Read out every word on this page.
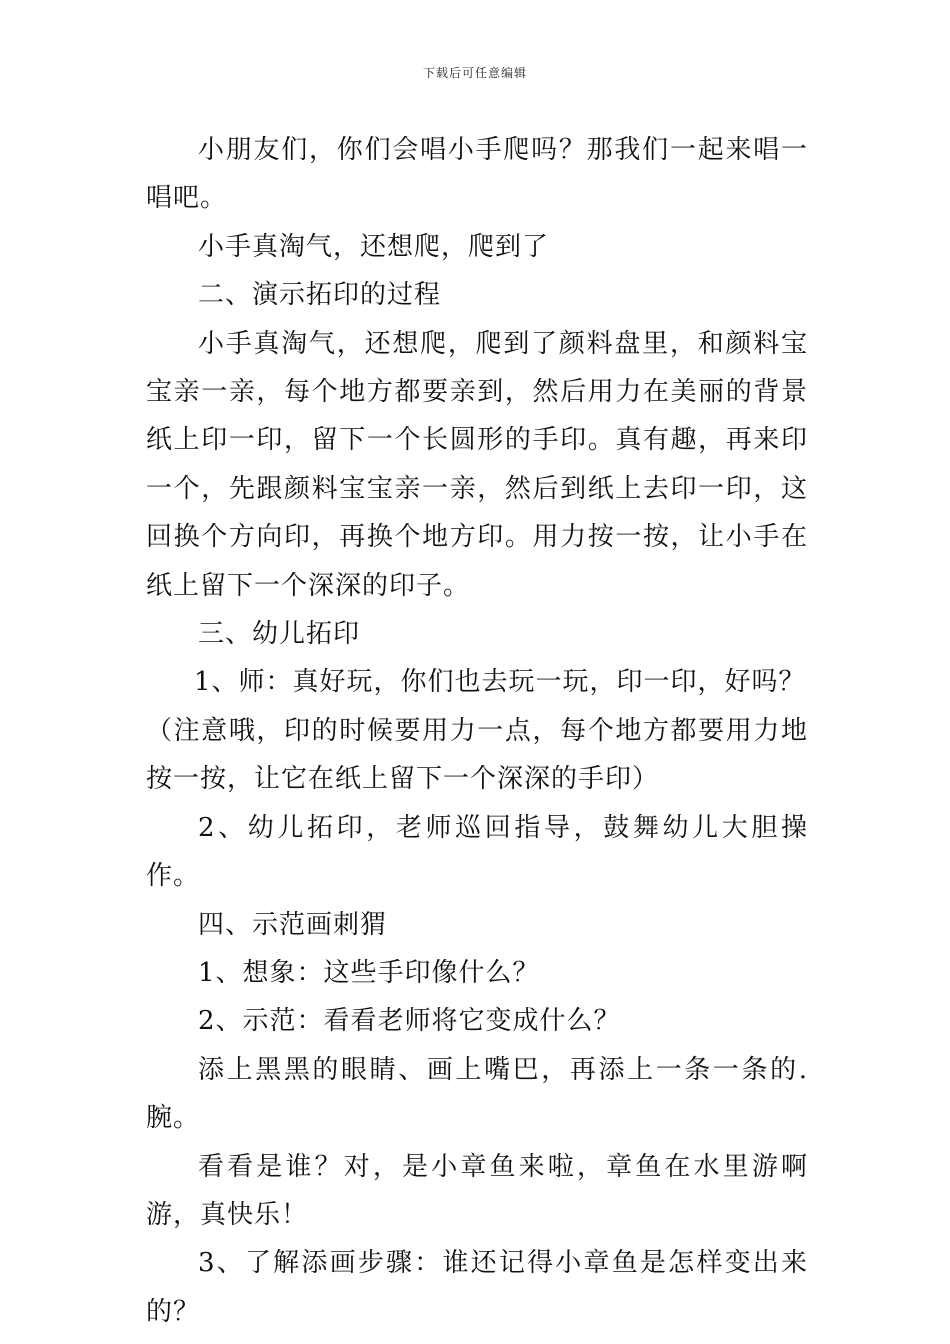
下载后可任意编辑

小朋友们，你们会唱小手爬吗？那我们一起来唱一唱吧。

小手真淘气，还想爬，爬到了

二、演示拓印的过程

小手真淘气，还想爬，爬到了颜料盘里，和颜料宝宝亲一亲，每个地方都要亲到，然后用力在美丽的背景纸上印一印，留下一个长圆形的手印。真有趣，再来印一个，先跟颜料宝宝亲一亲，然后到纸上去印一印，这回换个方向印，再换个地方印。用力按一按，让小手在纸上留下一个深深的印子。

三、幼儿拓印

1、师：真好玩，你们也去玩一玩，印一印，好吗？

（注意哦，印的时候要用力一点，每个地方都要用力地按一按，让它在纸上留下一个深深的手印）

2、幼儿拓印，老师巡回指导，鼓舞幼儿大胆操作。

四、示范画刺猬

1、想象：这些手印像什么？

2、示范：看看老师将它变成什么？

添上黑黑的眼睛、画上嘴巴，再添上一条一条的.腕。

看看是谁？对，是小章鱼来啦，章鱼在水里游啊游，真快乐！

3、了解添画步骤：谁还记得小章鱼是怎样变出来的？
